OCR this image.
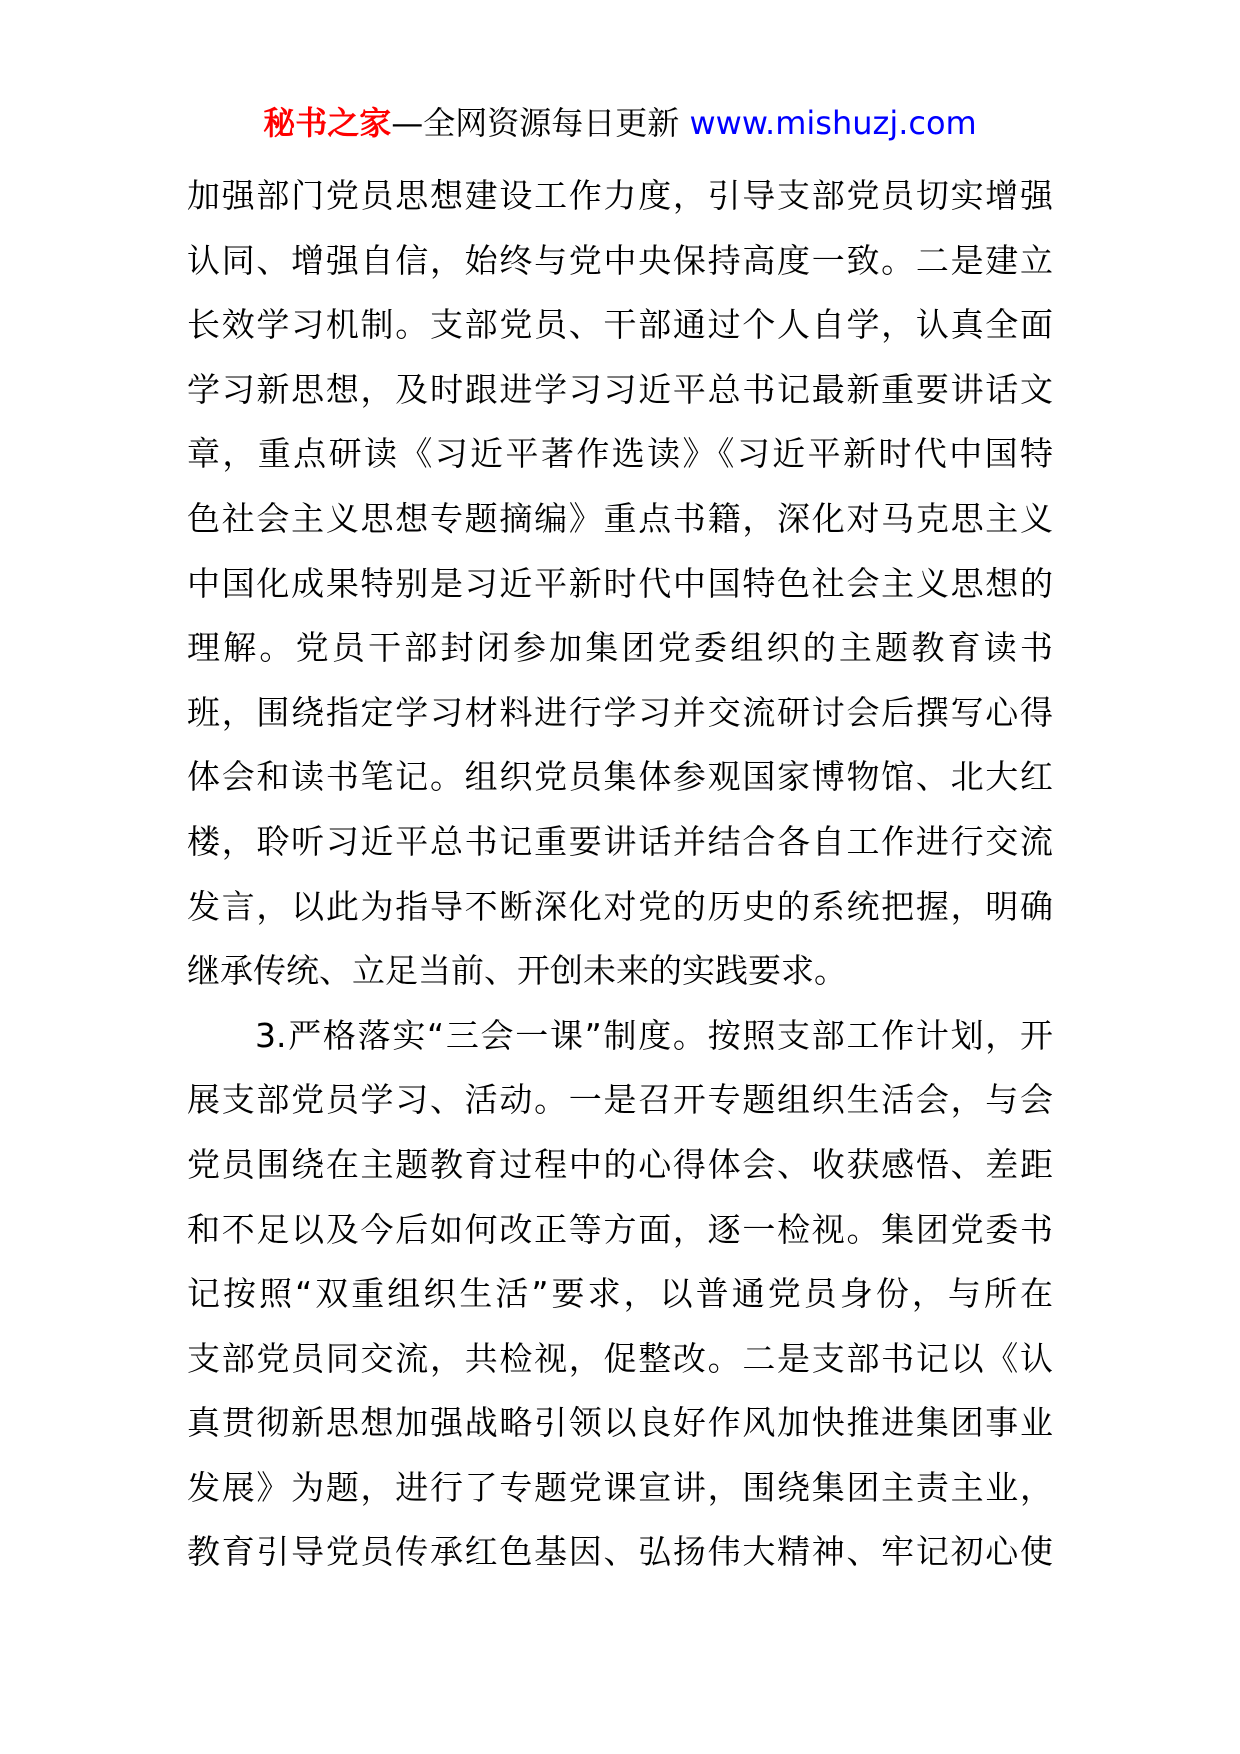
秘书之家—全网资源每日更新 www.mishuzj.com
加强部门党员思想建设工作力度，引导支部党员切实增强
认同、增强自信，始终与党中央保持高度一致。二是建立
长效学习机制。支部党员、干部通过个人自学，认真全面
学习新思想，及时跟进学习习近平总书记最新重要讲话文
章，重点研读《习近平著作选读》《习近平新时代中国特
色社会主义思想专题摘编》重点书籍，深化对马克思主义
中国化成果特别是习近平新时代中国特色社会主义思想的
理解。党员干部封闭参加集团党委组织的主题教育读书
班，围绕指定学习材料进行学习并交流研讨会后撰写心得
体会和读书笔记。组织党员集体参观国家博物馆、北大红
楼，聆听习近平总书记重要讲话并结合各自工作进行交流
发言，以此为指导不断深化对党的历史的系统把握，明确
继承传统、立足当前、开创未来的实践要求。
3.严格落实“三会一课”制度。按照支部工作计划，开
展支部党员学习、活动。一是召开专题组织生活会，与会
党员围绕在主题教育过程中的心得体会、收获感悟、差距
和不足以及今后如何改正等方面，逐一检视。集团党委书
记按照“双重组织生活”要求，以普通党员身份，与所在
支部党员同交流，共检视，促整改。二是支部书记以《认
真贯彻新思想加强战略引领以良好作风加快推进集团事业
发展》为题，进行了专题党课宣讲，围绕集团主责主业，
教育引导党员传承红色基因、弘扬伟大精神、牢记初心使
